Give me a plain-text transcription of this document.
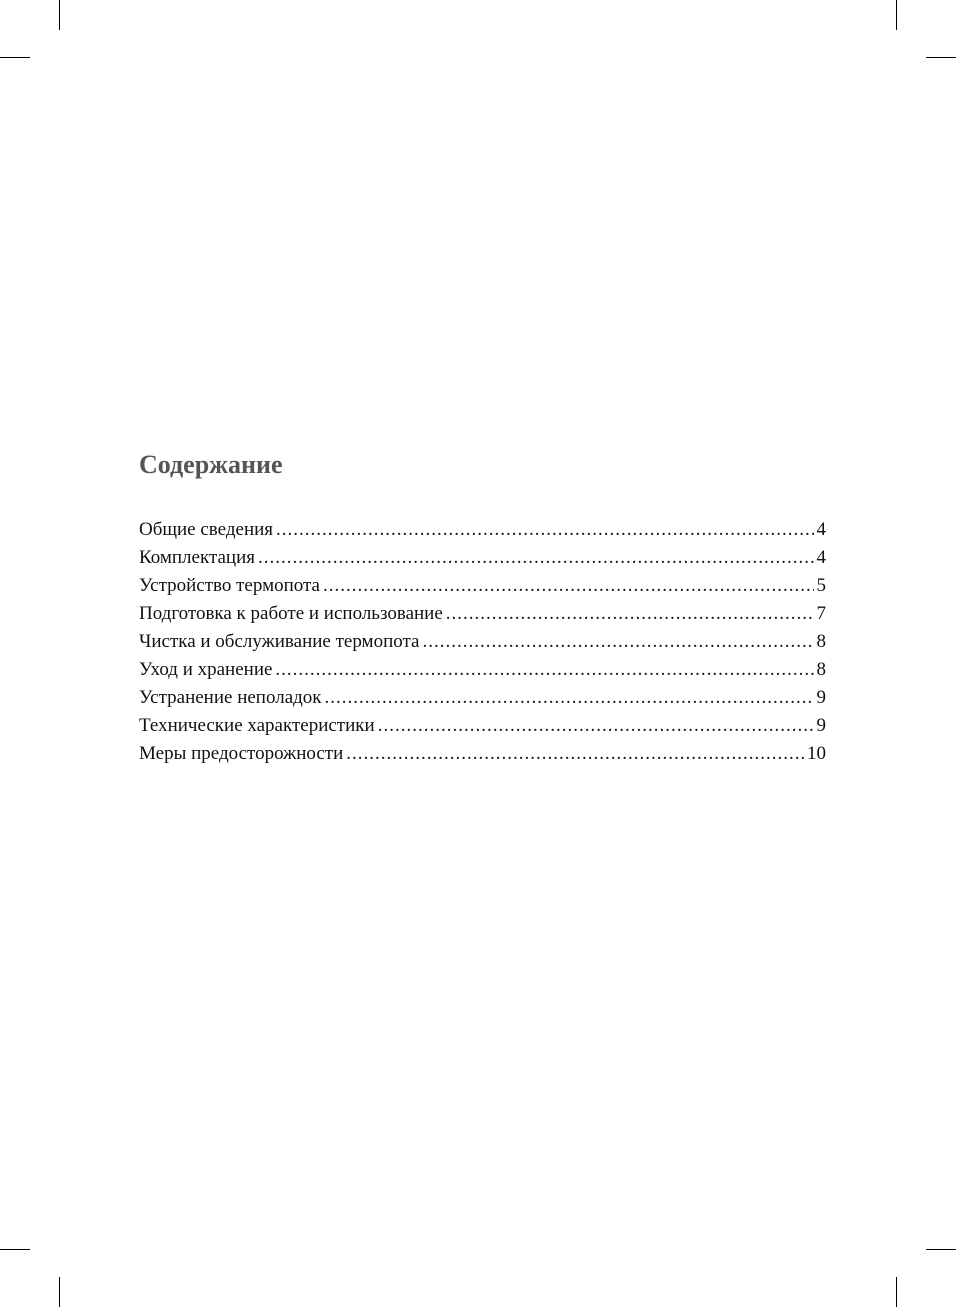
Содержание
Общие сведения .....	4
Комплектация .....	4
Устройство термопота .....	5
Подготовка к работе и использование .....	7
Чистка и обслуживание термопота .....	8
Уход и хранение .....	8
Устранение неполадок .....	9
Технические характеристики .....	9
Меры предосторожности .....	10
